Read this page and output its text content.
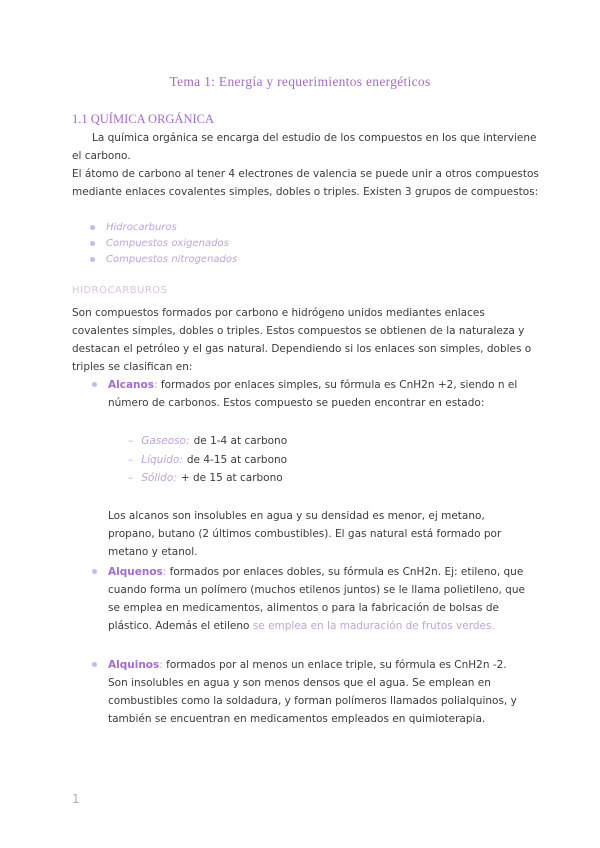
Tema 1: Energía y requerimientos energéticos
1.1 QUÍMICA ORGÁNICA

La química orgánica se encarga del estudio de los compuestos en los que interviene el carbono.

El átomo de carbono al tener 4 electrones de valencia se puede unir a otros compuestos mediante enlaces covalentes simples, dobles o triples. Existen 3 grupos de compuestos:

Hidrocarburos
Compuestos oxigenados
Compuestos nitrogenados
HIDROCARBUROS

Son compuestos formados por carbono e hidrógeno unidos mediantes enlaces covalentes simples, dobles o triples. Estos compuestos se obtienen de la naturaleza y destacan el petróleo y el gas natural. Dependiendo si los enlaces son simples, dobles o triples se clasifican en:

Alcanos: formados por enlaces simples, su fórmula es CnH2n +2, siendo n el número de carbonos. Estos compuesto se pueden encontrar en estado:
– Gaseoso: de 1-4 at carbono
– Líquido: de 4-15 at carbono
– Sólido: + de 15 at carbono

Los alcanos son insolubles en agua y su densidad es menor, ej metano, propano, butano (2 últimos combustibles). El gas natural está formado por metano y etanol.

Alquenos: formados por enlaces dobles, su fórmula es CnH2n. Ej: etileno, que cuando forma un polímero (muchos etilenos juntos) se le llama polietileno, que se emplea en medicamentos, alimentos o para la fabricación de bolsas de plástico. Además el etileno se emplea en la maduración de frutos verdes.
Alquinos: formados por al menos un enlace triple, su fórmula es CnH2n -2.
Son insolubles en agua y son menos densos que el agua. Se emplean en combustibles como la soldadura, y forman polímeros llamados polialquinos, y también se encuentran en medicamentos empleados en quimioterapia.
1
